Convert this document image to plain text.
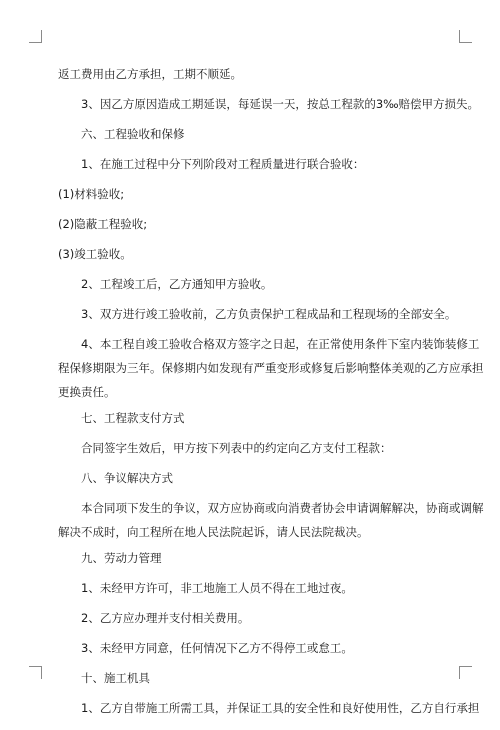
返工费用由乙方承担，工期不顺延。

3、因乙方原因造成工期延误，每延误一天，按总工程款的3‰赔偿甲方损失。

六、工程验收和保修

1、在施工过程中分下列阶段对工程质量进行联合验收：

(1)材料验收;

(2)隐蔽工程验收;

(3)竣工验收。

2、工程竣工后，乙方通知甲方验收。

3、双方进行竣工验收前，乙方负责保护工程成品和工程现场的全部安全。

4、本工程自竣工验收合格双方签字之日起，在正常使用条件下室内装饰装修工
程保修期限为三年。保修期内如发现有严重变形或修复后影响整体美观的乙方应承担
更换责任。

七、工程款支付方式

合同签字生效后，甲方按下列表中的约定向乙方支付工程款：

八、争议解决方式

本合同项下发生的争议，双方应协商或向消费者协会申请调解解决，协商或调解
解决不成时，向工程所在地人民法院起诉，请人民法院裁决。

九、劳动力管理

1、未经甲方许可，非工地施工人员不得在工地过夜。

2、乙方应办理并支付相关费用。

3、未经甲方同意，任何情况下乙方不得停工或怠工。

十、施工机具

1、乙方自带施工所需工具，并保证工具的安全性和良好使用性，乙方自行承担
